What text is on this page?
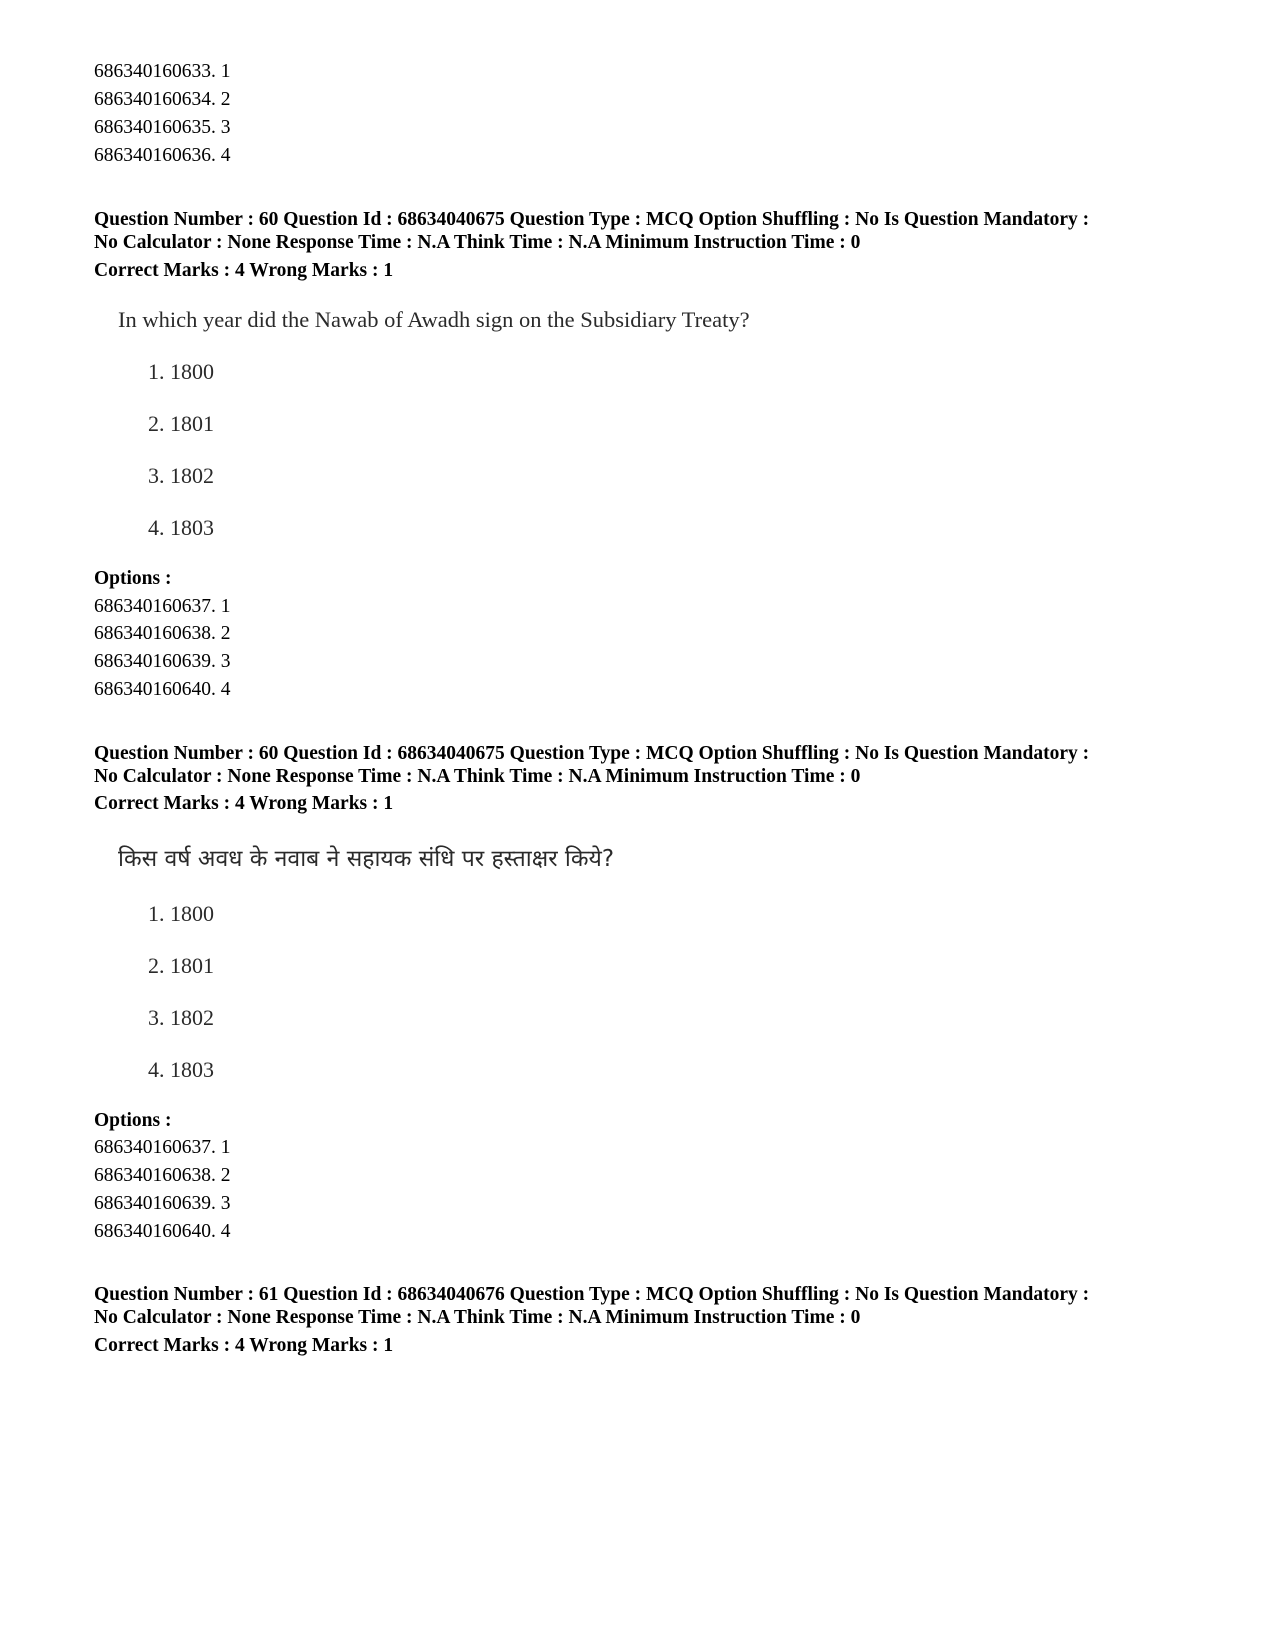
686340160633. 1
686340160634. 2
686340160635. 3
686340160636. 4
Question Number : 60 Question Id : 68634040675 Question Type : MCQ Option Shuffling : No Is Question Mandatory :
No Calculator : None Response Time : N.A Think Time : N.A Minimum Instruction Time : 0
Correct Marks : 4 Wrong Marks : 1
In which year did the Nawab of Awadh sign on the Subsidiary Treaty?
1. 1800
2. 1801
3. 1802
4. 1803
Options :
686340160637. 1
686340160638. 2
686340160639. 3
686340160640. 4
Question Number : 60 Question Id : 68634040675 Question Type : MCQ Option Shuffling : No Is Question Mandatory :
No Calculator : None Response Time : N.A Think Time : N.A Minimum Instruction Time : 0
Correct Marks : 4 Wrong Marks : 1
किस वर्ष अवध के नवाब ने सहायक संधि पर हस्ताक्षर किये?
1. 1800
2. 1801
3. 1802
4. 1803
Options :
686340160637. 1
686340160638. 2
686340160639. 3
686340160640. 4
Question Number : 61 Question Id : 68634040676 Question Type : MCQ Option Shuffling : No Is Question Mandatory :
No Calculator : None Response Time : N.A Think Time : N.A Minimum Instruction Time : 0
Correct Marks : 4 Wrong Marks : 1
